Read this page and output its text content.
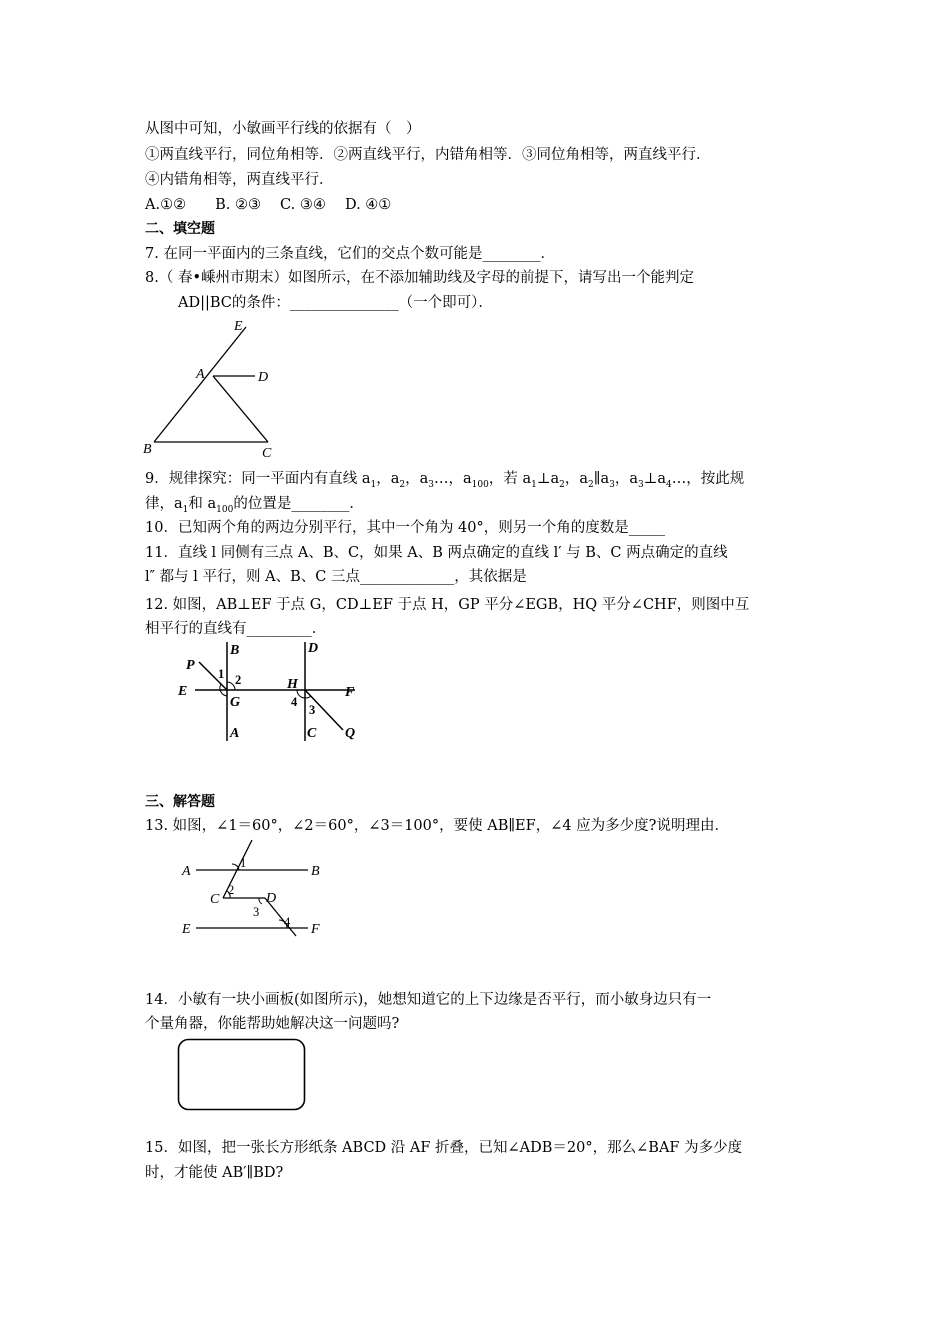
从图中可知，小敏画平行线的依据有（　）
①两直线平行，同位角相等．②两直线平行，内错角相等．③同位角相等，两直线平行．
④内错角相等，两直线平行．
A.①②　　B. ②③　 C. ③④　 D. ④①
二、填空题
7. 在同一平面内的三条直线，它们的交点个数可能是________．
8.（ 春•嵊州市期末）如图所示，在不添加辅助线及字母的前提下，请写出一个能判定
AD||BC的条件：_______________（一个即可）．
E
A	D
B	C
9．规律探究：同一平面内有直线 $a_1$，$a_2$，$a_3\dots$，$a_{100}$，若 $a_1\perp a_2$，$a_2\parallel a_3$，$a_3\perp a_4\dots$，按此规
律，$a_1$和 $a_{100}$的位置是________．
10．已知两个角的两边分别平行，其中一个角为 40°，则另一个角的度数是_____
11．直线 l 同侧有三点 A、B、C，如果 A、B 两点确定的直线 l′ 与 B、C 两点确定的直线
l″ 都与 l 平行，则 A、B、C 三点_____________，其依据是
12. 如图，AB⊥EF 于点 G，CD⊥EF 于点 H，GP 平分∠EGB，HQ 平分∠CHF，则图中互
相平行的直线有_________．
P
B
E
1 2
G
A
D
H
F
4
3
C Q
三、解答题
13. 如图，∠1＝60°，∠2＝60°，∠3＝100°，要使 AB∥EF，∠4 应为多少度?说明理由．
A	B
1
C
2
D
3
4
E	F
14．小敏有一块小画板(如图所示)，她想知道它的上下边缘是否平行，而小敏身边只有一
个量角器，你能帮助她解决这一问题吗?
15．如图，把一张长方形纸条 ABCD 沿 AF 折叠，已知∠ADB＝20°，那么∠BAF 为多少度
时，才能使 AB′∥BD?
